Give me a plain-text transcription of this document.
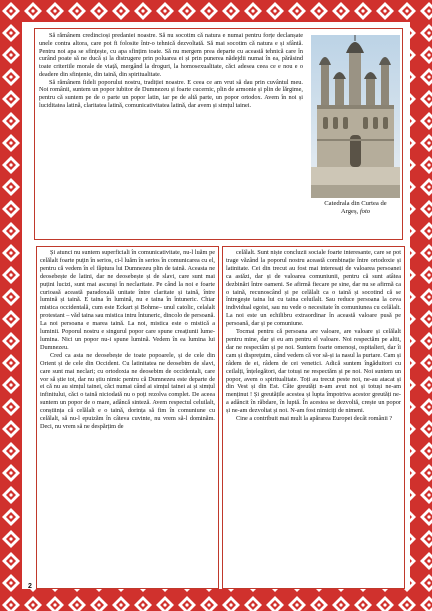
Să rămânem credincioși predaniei noastre. Să nu socotim că natura e numai pentru forțe declanșate unele contra altora, care pot fi folosite într-o tehnică dezvoltată. Să mai socotim că natura e și sfântă. Pentru noi apa se sfințește, cu apa sfințim toate. Să nu mergem prea departe cu această tehnică care în curând poate să ne ducă și la distrugere prin poluarea ei și prin punerea nădejdii numai în ea, părăsind toate criteriile morale de viață, mergând la droguri, la homosexualitate, căci adesea ceea ce e nou e o deadere din sfințenie, din taină, din spiritualitate.

Să rămânem fideli poporului nostru, tradiției noastre. E ceea ce am vrut să dau prin cuvântul meu. Noi românii, suntem un popor iubitor de Dumnezeu și foarte cucernic, plin de armonie și plin de lărgime, pentru că suntem pe de o parte un popor latin, iar pe de altă parte, un popor ortodox. Avem în noi și luciditatea latină, claritatea latină, comunicativitatea latină, dar avem și simțul tainei.

Catedrala din Curtea de
Argeș, foto

Și atunci nu suntem superficiali în comunicativitate, nu-l luăm pe celălalt foarte puțin în serios, ci-l luăm în serios în comunicarea cu el, pentru că vedem în el făptura lui Dumnezeu plin de taină. Aceasta ne deosebește de latini, dar ne deosebește și de slavi, care sunt mai puțini lucizi, sunt mai ascunși în neclaritate. Pe când la noi e foarte curioasă această paradoxală unitate între claritate și taină, între lumină și taină. E taina în lumină, nu e taina în întuneric. Chiar mistica occidentală, cum este Eckart și Bohme– unul catolic, celalalt protestant – văd taina sau mistica intru întuneric, dincolo de persoană. La noi persoana e marea taină. La noi, mistica este o mistică a luminii. Poporul nostru e singurul popor care spune creațiunii lume-lumina. Nici un popor nu-i spune lumină. Vedem în ea lumina lui Dumnezeu.

Cred ca asta ne deosebește de toate popoarele, și de cele din Orient și de cele din Occident. Cu latinitatea ne deosebim de slavi, care sunt mai neclari; cu ortodoxia ne deosebim de occidentali, care vor să știe tot, dar nu știu nimic pentru că Dumnezeu este departe de ei că nu au simțul tainei, căci numai când ai simțul tainei ai și simțul infinitului, căci o taină niciodată nu o poți rezolva complet. De aceea suntem un popor de o mare, adâncă sinteză. Avem respectul celuilalt, conștiința că celălalt e o taină, dorința să fim în comuniune cu celălalt, să nu-l epuizăm în câteva cuvinte, nu vrem să-l dominăm. Deci, nu vrem să ne despărțim de

celălalt. Sunt niște concluzii sociale foarte interesante, care se pot trage văzând la poporul nostru această combinație între ortodoxie și latinitate. Cei din trecut au fost mai interesați de valoarea persoanei ca astăzi, dar și de valoarea comuniunii, pentru că sunt atâtea dezbinări între oameni. Se afirmă fiecare pe sine, dar nu se afirmă ca o taină, recunoscând și pe celălalt ca o taină și socotind că se întregește taina lui cu taina celuilalt. Sau reduce persoana la ceva individual egoist, sau nu vede o necesitate în comuniunea cu celălalt. La noi este un echilibru extraordinar în această valoare pusă pe persoană, dar și pe comuniune.

Tocmai pentru că persoana are valoare, are valoare și celălalt pentru mine, dar și eu am pentru el valoare. Noi respectăm pe altii, dar ne respectăm și pe noi. Suntem foarte omenoși, ospitalieri, dar îi cam și dispreţuim, când vedem că vor să-și ia nasul la purtare. Cam și râdem de ei, râdem de cei venetici. Adică suntem îngăduitori cu ceilalți, înțelegători, dar totuși ne respectăm și pe noi. Noi suntem un popor, avem o spiritualitate. Toți au trecut peste noi, ne-au atacat și din Vest și din Est. Câte greutăți n-am avut noi și totuși ne-am menținut ! Și greutățile acestea și lupta împotriva acestor greutăți ne-a adâncit în răbdare, în luptă. În acestea se dezvoltă, crește un popor și ne-am dezvoltat și noi. N-am fost nimiciți de nimeni.

Cine a contribuit mai mult la apărarea Europei decât românii ?

2
